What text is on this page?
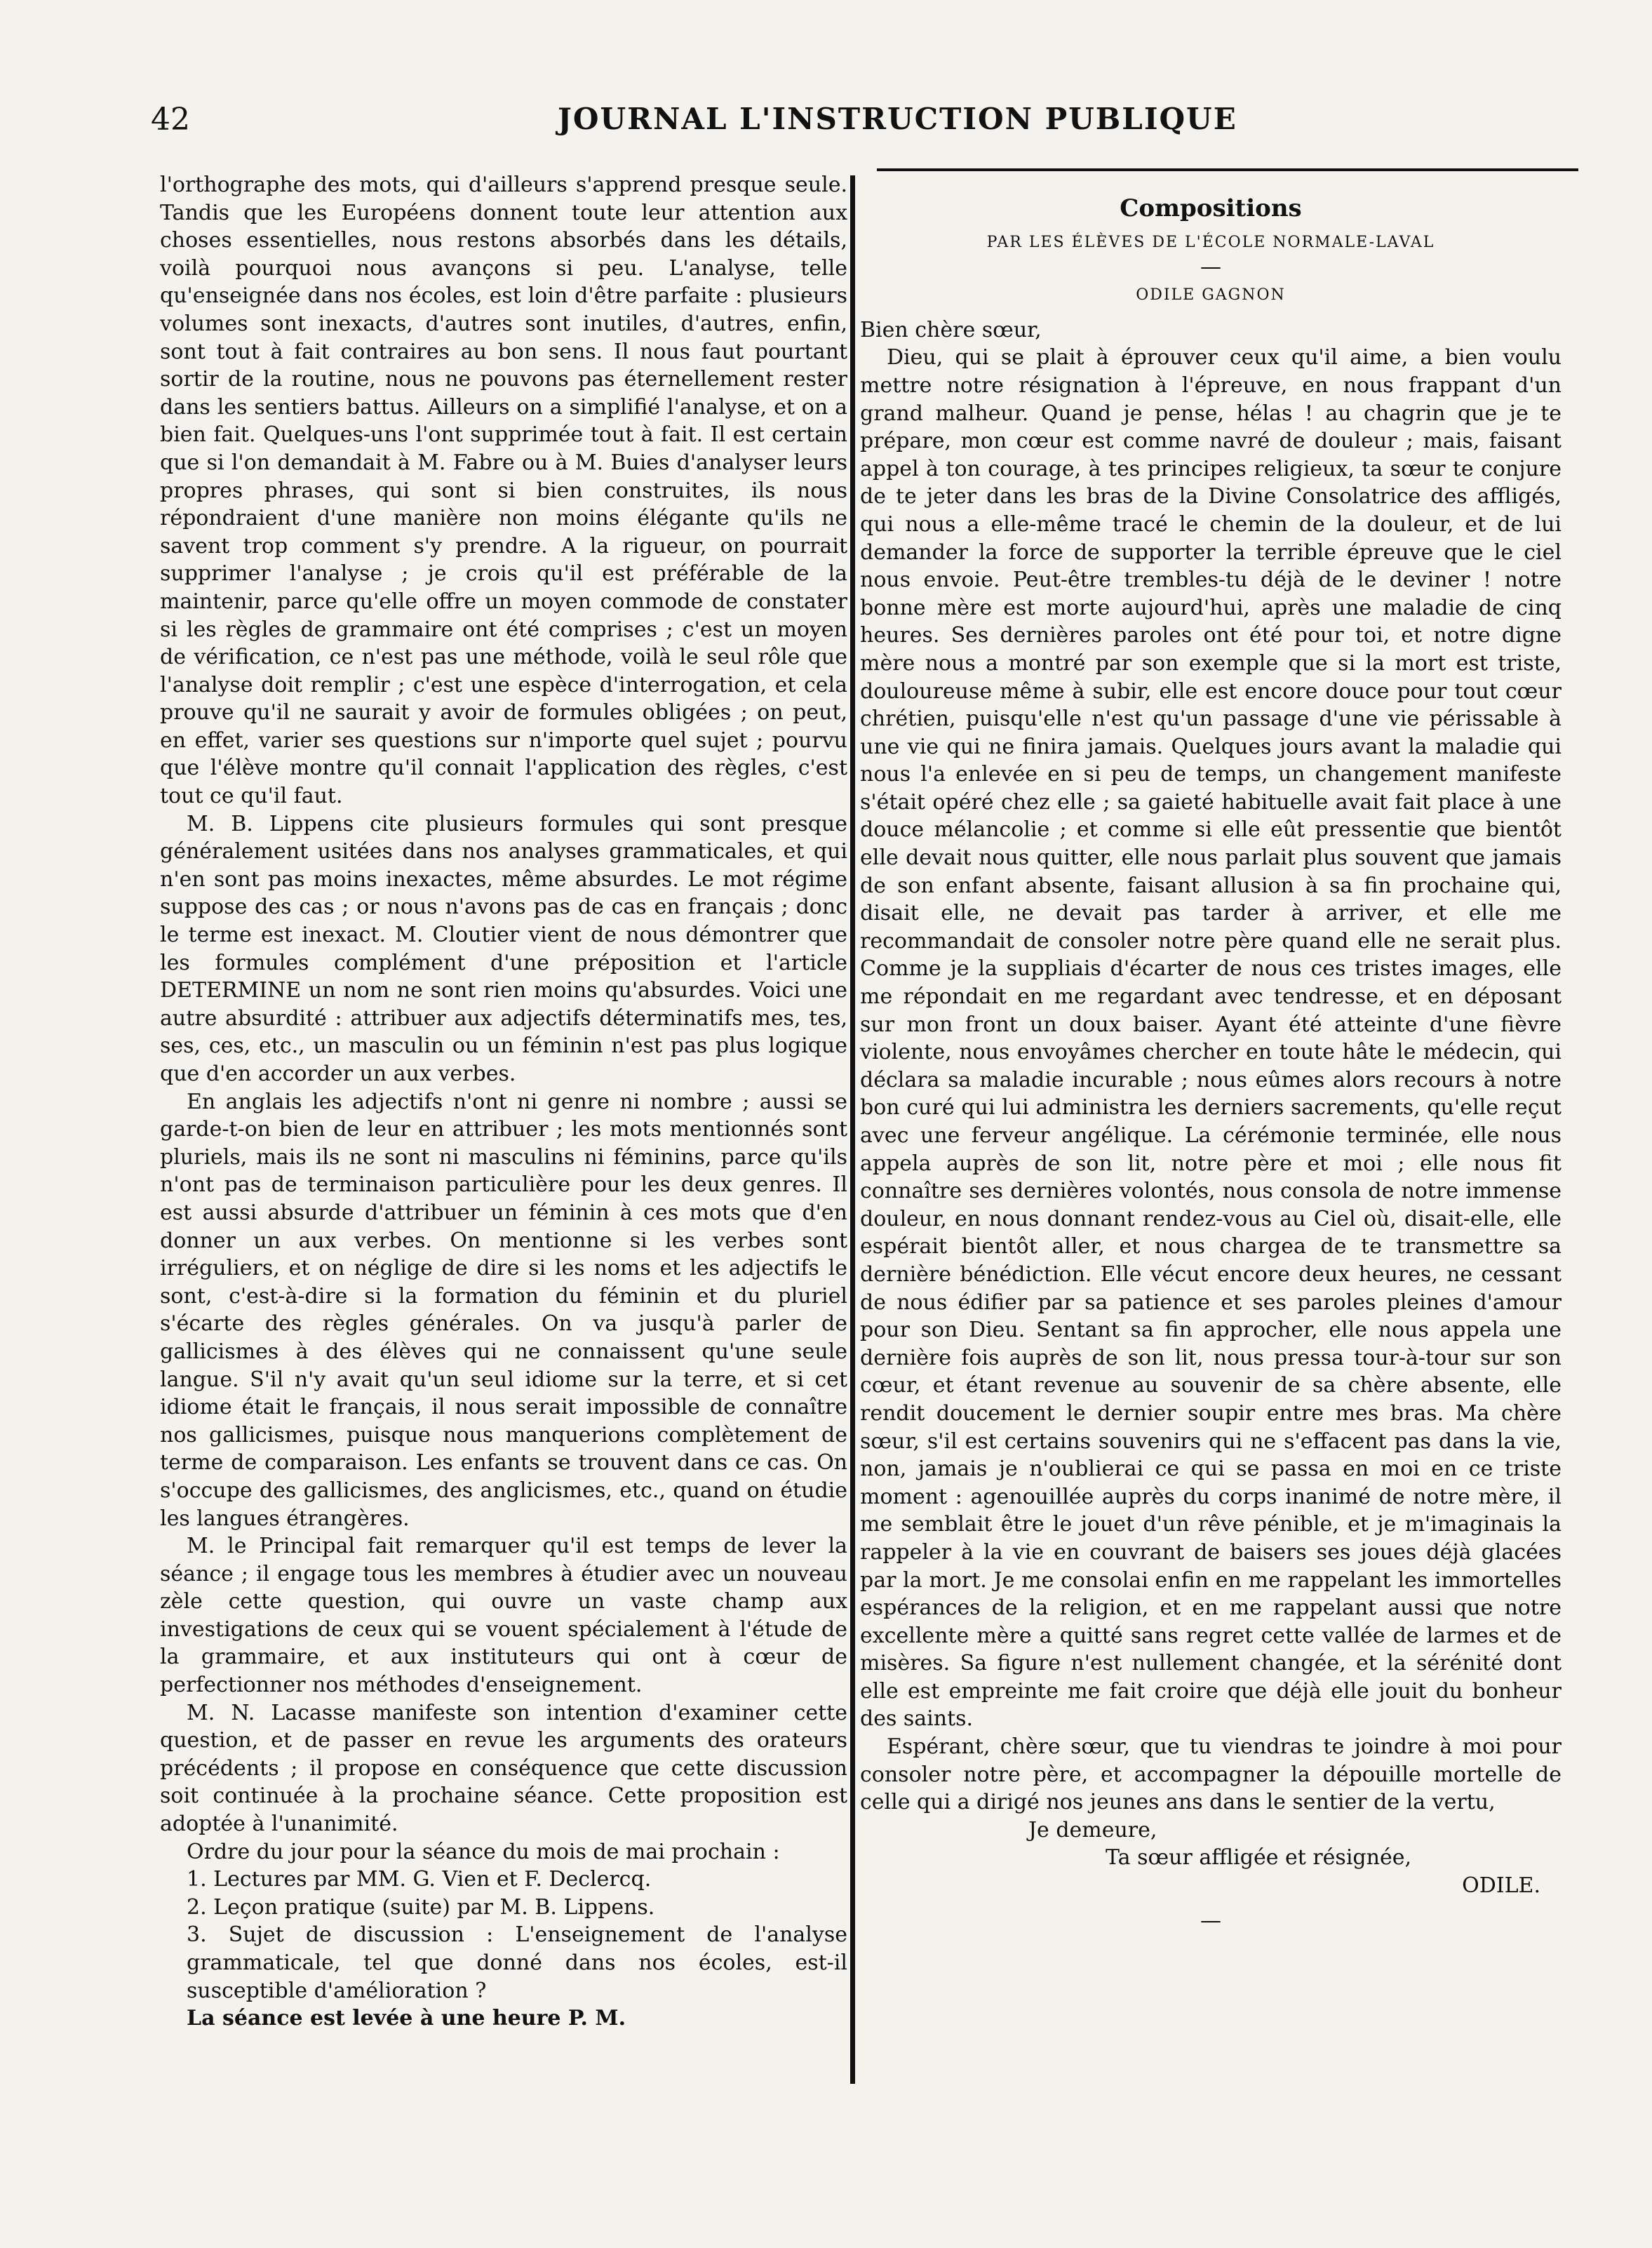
42	JOURNAL L'INSTRUCTION PUBLIQUE

l'orthographe des mots, qui d'ailleurs s'apprend presque seule. Tandis que les Européens donnent toute leur attention aux choses essentielles, nous restons absorbés dans les détails, voilà pourquoi nous avançons si peu. L'analyse, telle qu'enseignée dans nos écoles, est loin d'être parfaite : plusieurs volumes sont inexacts, d'autres sont inutiles, d'autres, enfin, sont tout à fait contraires au bon sens. Il nous faut pourtant sortir de la routine, nous ne pouvons pas éternellement rester dans les sentiers battus. Ailleurs on a simplifié l'analyse, et on a bien fait. Quelques-uns l'ont supprimée tout à fait. Il est certain que si l'on demandait à M. Fabre ou à M. Buies d'analyser leurs propres phrases, qui sont si bien construites, ils nous répondraient d'une manière non moins élégante qu'ils ne savent trop comment s'y prendre. A la rigueur, on pourrait supprimer l'analyse ; je crois qu'il est préférable de la maintenir, parce qu'elle offre un moyen commode de constater si les règles de grammaire ont été comprises ; c'est un moyen de vérification, ce n'est pas une méthode, voilà le seul rôle que l'analyse doit remplir ; c'est une espèce d'interrogation, et cela prouve qu'il ne saurait y avoir de formules obligées ; on peut, en effet, varier ses questions sur n'importe quel sujet ; pourvu que l'élève montre qu'il connait l'application des règles, c'est tout ce qu'il faut.

M. B. Lippens cite plusieurs formules qui sont presque généralement usitées dans nos analyses grammaticales, et qui n'en sont pas moins inexactes, même absurdes. Le mot régime suppose des cas ; or nous n'avons pas de cas en français ; donc le terme est inexact. M. Cloutier vient de nous démontrer que les formules complément d'une préposition et l'article DETERMINE un nom ne sont rien moins qu'absurdes. Voici une autre absurdité : attribuer aux adjectifs déterminatifs mes, tes, ses, ces, etc., un masculin ou un féminin n'est pas plus logique que d'en accorder un aux verbes.

En anglais les adjectifs n'ont ni genre ni nombre ; aussi se garde-t-on bien de leur en attribuer ; les mots mentionnés sont pluriels, mais ils ne sont ni masculins ni féminins, parce qu'ils n'ont pas de terminaison particulière pour les deux genres. Il est aussi absurde d'attribuer un féminin à ces mots que d'en donner un aux verbes. On mentionne si les verbes sont irréguliers, et on néglige de dire si les noms et les adjectifs le sont, c'est-à-dire si la formation du féminin et du pluriel s'écarte des règles générales. On va jusqu'à parler de gallicismes à des élèves qui ne connaissent qu'une seule langue. S'il n'y avait qu'un seul idiome sur la terre, et si cet idiome était le français, il nous serait impossible de connaître nos gallicismes, puisque nous manquerions complètement de terme de comparaison. Les enfants se trouvent dans ce cas. On s'occupe des gallicismes, des anglicismes, etc., quand on étudie les langues étrangères.

M. le Principal fait remarquer qu'il est temps de lever la séance ; il engage tous les membres à étudier avec un nouveau zèle cette question, qui ouvre un vaste champ aux investigations de ceux qui se vouent spécialement à l'étude de la grammaire, et aux instituteurs qui ont à cœur de perfectionner nos méthodes d'enseignement.

M. N. Lacasse manifeste son intention d'examiner cette question, et de passer en revue les arguments des orateurs précédents ; il propose en conséquence que cette discussion soit continuée à la prochaine séance. Cette proposition est adoptée à l'unanimité.

Ordre du jour pour la séance du mois de mai prochain :

1. Lectures par MM. G. Vien et F. Declercq.

2. Leçon pratique (suite) par M. B. Lippens.

3. Sujet de discussion : L'enseignement de l'analyse grammaticale, tel que donné dans nos écoles, est-il susceptible d'amélioration ?

La séance est levée à une heure P. M.

Compositions

PAR LES ÉLÈVES DE L'ÉCOLE NORMALE-LAVAL

—

ODILE GAGNON

Bien chère sœur,

Dieu, qui se plait à éprouver ceux qu'il aime, a bien voulu mettre notre résignation à l'épreuve, en nous frappant d'un grand malheur. Quand je pense, hélas ! au chagrin que je te prépare, mon cœur est comme navré de douleur ; mais, faisant appel à ton courage, à tes principes religieux, ta sœur te conjure de te jeter dans les bras de la Divine Consolatrice des affligés, qui nous a elle-même tracé le chemin de la douleur, et de lui demander la force de supporter la terrible épreuve que le ciel nous envoie. Peut-être trembles-tu déjà de le deviner ! notre bonne mère est morte aujourd'hui, après une maladie de cinq heures. Ses dernières paroles ont été pour toi, et notre digne mère nous a montré par son exemple que si la mort est triste, douloureuse même à subir, elle est encore douce pour tout cœur chrétien, puisqu'elle n'est qu'un passage d'une vie périssable à une vie qui ne finira jamais. Quelques jours avant la maladie qui nous l'a enlevée en si peu de temps, un changement manifeste s'était opéré chez elle ; sa gaieté habituelle avait fait place à une douce mélancolie ; et comme si elle eût pressentie que bientôt elle devait nous quitter, elle nous parlait plus souvent que jamais de son enfant absente, faisant allusion à sa fin prochaine qui, disait elle, ne devait pas tarder à arriver, et elle me recommandait de consoler notre père quand elle ne serait plus. Comme je la suppliais d'écarter de nous ces tristes images, elle me répondait en me regardant avec tendresse, et en déposant sur mon front un doux baiser. Ayant été atteinte d'une fièvre violente, nous envoyâmes chercher en toute hâte le médecin, qui déclara sa maladie incurable ; nous eûmes alors recours à notre bon curé qui lui administra les derniers sacrements, qu'elle reçut avec une ferveur angélique. La cérémonie terminée, elle nous appela auprès de son lit, notre père et moi ; elle nous fit connaître ses dernières volontés, nous consola de notre immense douleur, en nous donnant rendez-vous au Ciel où, disait-elle, elle espérait bientôt aller, et nous chargea de te transmettre sa dernière bénédiction. Elle vécut encore deux heures, ne cessant de nous édifier par sa patience et ses paroles pleines d'amour pour son Dieu. Sentant sa fin approcher, elle nous appela une dernière fois auprès de son lit, nous pressa tour-à-tour sur son cœur, et étant revenue au souvenir de sa chère absente, elle rendit doucement le dernier soupir entre mes bras. Ma chère sœur, s'il est certains souvenirs qui ne s'effacent pas dans la vie, non, jamais je n'oublierai ce qui se passa en moi en ce triste moment : agenouillée auprès du corps inanimé de notre mère, il me semblait être le jouet d'un rêve pénible, et je m'imaginais la rappeler à la vie en couvrant de baisers ses joues déjà glacées par la mort. Je me consolai enfin en me rappelant les immortelles espérances de la religion, et en me rappelant aussi que notre excellente mère a quitté sans regret cette vallée de larmes et de misères. Sa figure n'est nullement changée, et la sérénité dont elle est empreinte me fait croire que déjà elle jouit du bonheur des saints.

Espérant, chère sœur, que tu viendras te joindre à moi pour consoler notre père, et accompagner la dépouille mortelle de celle qui a dirigé nos jeunes ans dans le sentier de la vertu,

Je demeure,

Ta sœur affligée et résignée,

ODILE.

—
